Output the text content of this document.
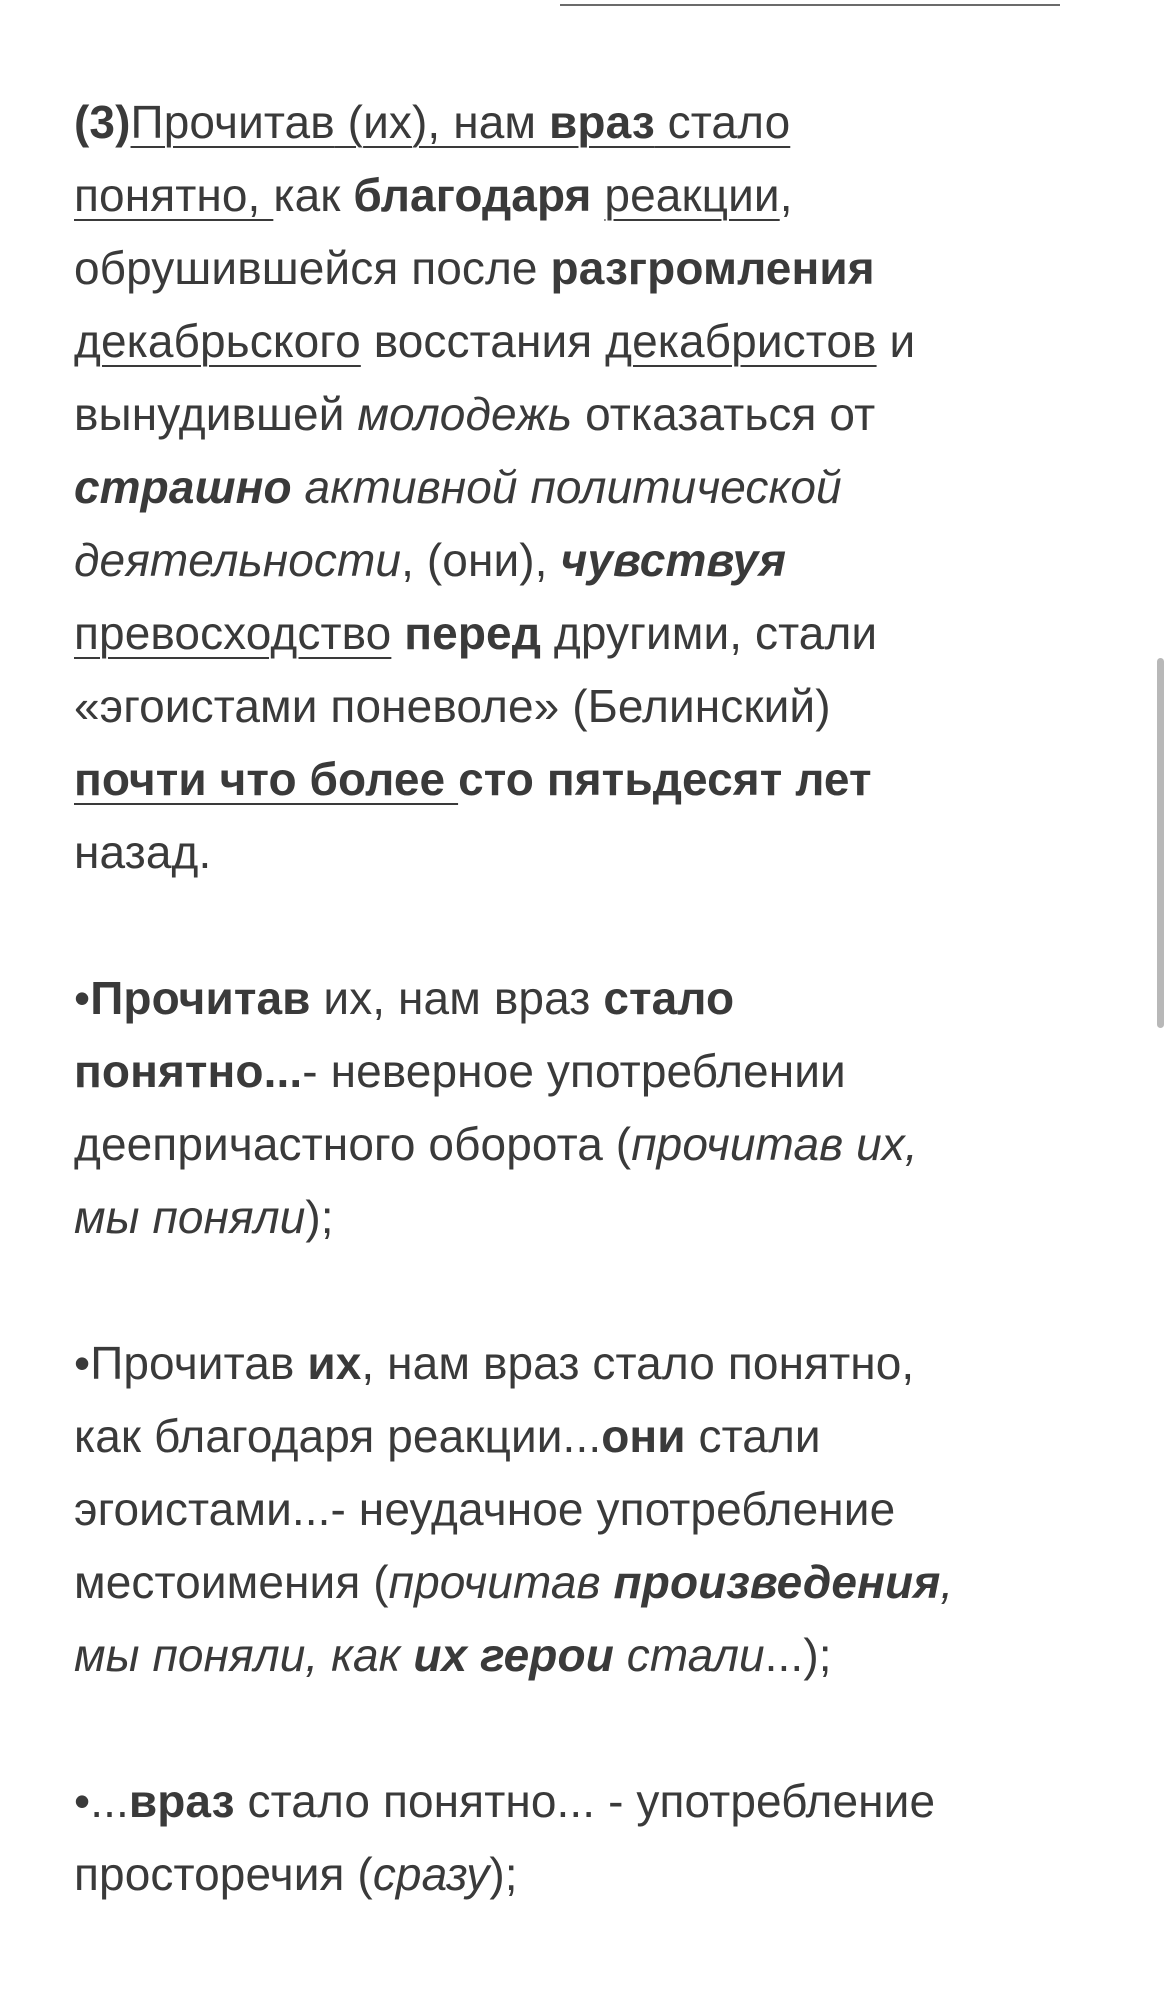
(3)Прочитав (их), нам враз стало
понятно, как благодаря реакции,
обрушившейся после разгромления
декабрьского восстания декабристов и
вынудившей молодежь отказаться от
страшно активной политической
деятельности, (они), чувствуя
превосходство перед другими, стали
«эгоистами поневоле» (Белинский)
почти что более сто пятьдесят лет
назад.
•Прочитав их, нам враз стало
понятно...- неверное употреблении
деепричастного оборота (прочитав их,
мы поняли);
•Прочитав их, нам враз стало понятно,
как благодаря реакции...они стали
эгоистами...- неудачное употребление
местоимения (прочитав произведения,
мы поняли, как их герои стали...);
•...враз стало понятно... - употребление
просторечия (сразу);
